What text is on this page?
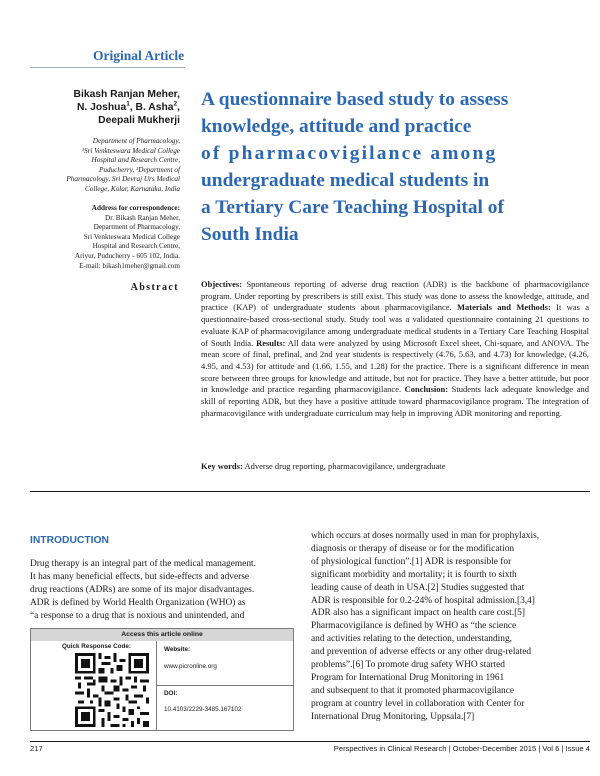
Original Article
Bikash Ranjan Meher,
N. Joshua$^1$, B. Asha$^2$,
Deepali Mukherji
Department of Pharmacology,
¹Sri Venkteswara Medical College
Hospital and Research Centre,
Puducherry, ²Department of
Pharmacology, Sri Devraj Urs Medical
College, Kolar, Karnataka, India
Address for correspondence:
Dr. Bikash Ranjan Meher,
Department of Pharmacology,
Sri Venkteswara Medical College
Hospital and Research Centre,
Ariyur, Puducherry - 605 102, India.
E-mail: bikash1meher@gmail.com
Abstract
A questionnaire based study to assess
knowledge, attitude and practice
of pharmacovigilance among
undergraduate medical students in
a Tertiary Care Teaching Hospital of
South India
Objectives: Spontaneous reporting of adverse drug reaction (ADR) is the backbone of pharmacovigilance program. Under reporting by prescribers is still exist. This study was done to assess the knowledge, attitude, and practice (KAP) of undergraduate students about pharmacovigilance. Materials and Methods: It was a questionnaire-based cross-sectional study. Study tool was a validated questionnaire containing 21 questions to evaluate KAP of pharmacovigilance among undergraduate medical students in a Tertiary Care Teaching Hospital of South India. Results: All data were analyzed by using Microsoft Excel sheet, Chi-square, and ANOVA. The mean score of final, prefinal, and 2nd year students is respectively (4.76, 5.63, and 4.73) for knowledge, (4.26, 4.95, and 4.53) for attitude and (1.66, 1.55, and 1.28) for the practice. There is a significant difference in mean score between three groups for knowledge and attitude, but not for practice. They have a better attitude, but poor in knowledge and practice regarding pharmacovigilance. Conclusion: Students lack adequate knowledge and skill of reporting ADR, but they have a positive attitude toward pharmacovigilance program. The integration of pharmacovigilance with undergraduate curriculum may help in improving ADR monitoring and reporting.
Key words: Adverse drug reporting, pharmacovigilance, undergraduate
INTRODUCTION
Drug therapy is an integral part of the medical management.
It has many beneficial effects, but side-effects and adverse
drug reactions (ADRs) are some of its major disadvantages.
ADR is defined by World Health Organization (WHO) as
“a response to a drug that is noxious and unintended, and
which occurs at doses normally used in man for prophylaxis,
diagnosis or therapy of disease or for the modification
of physiological function”.[1] ADR is responsible for
significant morbidity and mortality; it is fourth to sixth
leading cause of death in USA.[2] Studies suggested that
ADR is responsible for 0.2-24% of hospital admission.[3,4]
ADR also has a significant impact on health care cost.[5]
Pharmacovigilance is defined by WHO as “the science
and activities relating to the detection, understanding,
and prevention of adverse effects or any other drug-related
problems”.[6] To promote drug safety WHO started
Program for International Drug Monitoring in 1961
and subsequent to that it promoted pharmacovigilance
program at country level in collaboration with Center for
International Drug Monitoring, Uppsala.[7]
Access this article online
Quick Response Code:	Website:
www.picronline.org
DOI:
10.4103/2229-3485.167102
217	Perspectives in Clinical Research | October-December 2015 | Vol 6 | Issue 4
